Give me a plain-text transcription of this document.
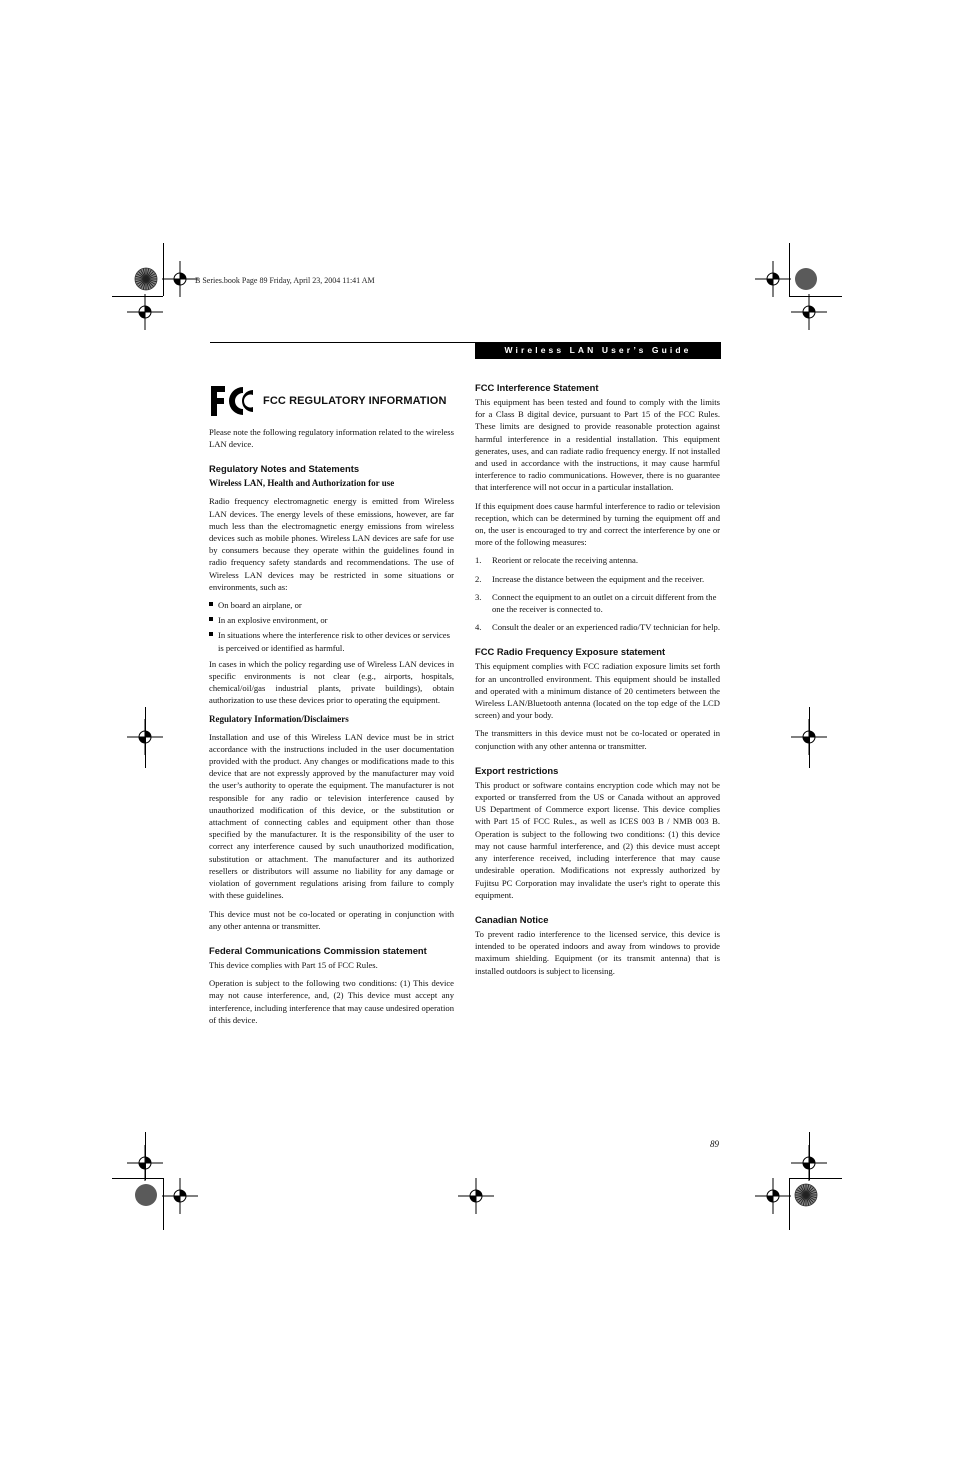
B Series.book Page 89 Friday, April 23, 2004 11:41 AM
Wireless LAN User’s Guide
FCC REGULATORY INFORMATION

Please note the following regulatory information related to the wireless LAN device.

Regulatory Notes and Statements
Wireless LAN, Health and Authorization for use

Radio frequency electromagnetic energy is emitted from Wireless LAN devices. The energy levels of these emissions, however, are far much less than the electromagnetic energy emissions from wireless devices such as mobile phones. Wireless LAN devices are safe for use by consumers because they operate within the guidelines found in radio frequency safety standards and recommendations. The use of Wireless LAN devices may be restricted in some situations or environments, such as:

On board an airplane, or
In an explosive environment, or
In situations where the interference risk to other devices or services is perceived or identified as harmful.

In cases in which the policy regarding use of Wireless LAN devices in specific environments is not clear (e.g., airports, hospitals, chemical/oil/gas industrial plants, private buildings), obtain authorization to use these devices prior to operating the equipment.

Regulatory Information/Disclaimers

Installation and use of this Wireless LAN device must be in strict accordance with the instructions included in the user documentation provided with the product. Any changes or modifications made to this device that are not expressly approved by the manufacturer may void the user’s authority to operate the equipment. The manufacturer is not responsible for any radio or television interference caused by unauthorized modification of this device, or the substitution or attachment of connecting cables and equipment other than those specified by the manufacturer. It is the responsibility of the user to correct any interference caused by such unauthorized modification, substitution or attachment. The manufacturer and its authorized resellers or distributors will assume no liability for any damage or violation of government regulations arising from failure to comply with these guidelines.

This device must not be co-located or operating in conjunction with any other antenna or transmitter.

Federal Communications Commission statement

This device complies with Part 15 of FCC Rules.

Operation is subject to the following two conditions: (1) This device may not cause interference, and, (2) This device must accept any interference, including interference that may cause undesired operation of this device.

FCC Interference Statement

This equipment has been tested and found to comply with the limits for a Class B digital device, pursuant to Part 15 of the FCC Rules. These limits are designed to provide reasonable protection against harmful interference in a residential installation. This equipment generates, uses, and can radiate radio frequency energy. If not installed and used in accordance with the instructions, it may cause harmful interference to radio communications. However, there is no guarantee that interference will not occur in a particular installation.

If this equipment does cause harmful interference to radio or television reception, which can be determined by turning the equipment off and on, the user is encouraged to try and correct the interference by one or more of the following measures:

1. Reorient or relocate the receiving antenna.
2. Increase the distance between the equipment and the receiver.
3. Connect the equipment to an outlet on a circuit different from the one the receiver is connected to.
4. Consult the dealer or an experienced radio/TV technician for help.
FCC Radio Frequency Exposure statement

This equipment complies with FCC radiation exposure limits set forth for an uncontrolled environment. This equipment should be installed and operated with a minimum distance of 20 centimeters between the Wireless LAN/Bluetooth antenna (located on the top edge of the LCD screen) and your body.

The transmitters in this device must not be co-located or operated in conjunction with any other antenna or transmitter.

Export restrictions

This product or software contains encryption code which may not be exported or transferred from the US or Canada without an approved US Department of Commerce export license. This device complies with Part 15 of FCC Rules., as well as ICES 003 B / NMB 003 B. Operation is subject to the following two conditions: (1) this device may not cause harmful interference, and (2) this device must accept any interference received, including interference that may cause undesirable operation. Modifications not expressly authorized by Fujitsu PC Corporation may invalidate the user's right to operate this equipment.

Canadian Notice

To prevent radio interference to the licensed service, this device is intended to be operated indoors and away from windows to provide maximum shielding. Equipment (or its transmit antenna) that is installed outdoors is subject to licensing.

89
